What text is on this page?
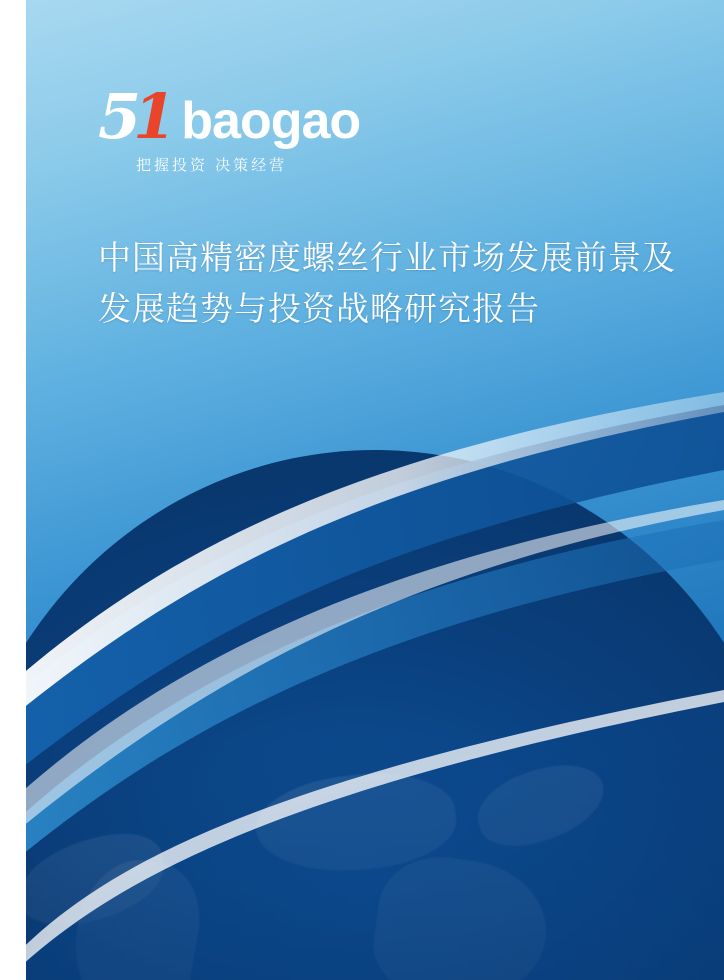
5
1 baogao
把握投资 决策经营
中国高精密度螺丝行业市场发展前景及发展趋势与投资战略研究报告
